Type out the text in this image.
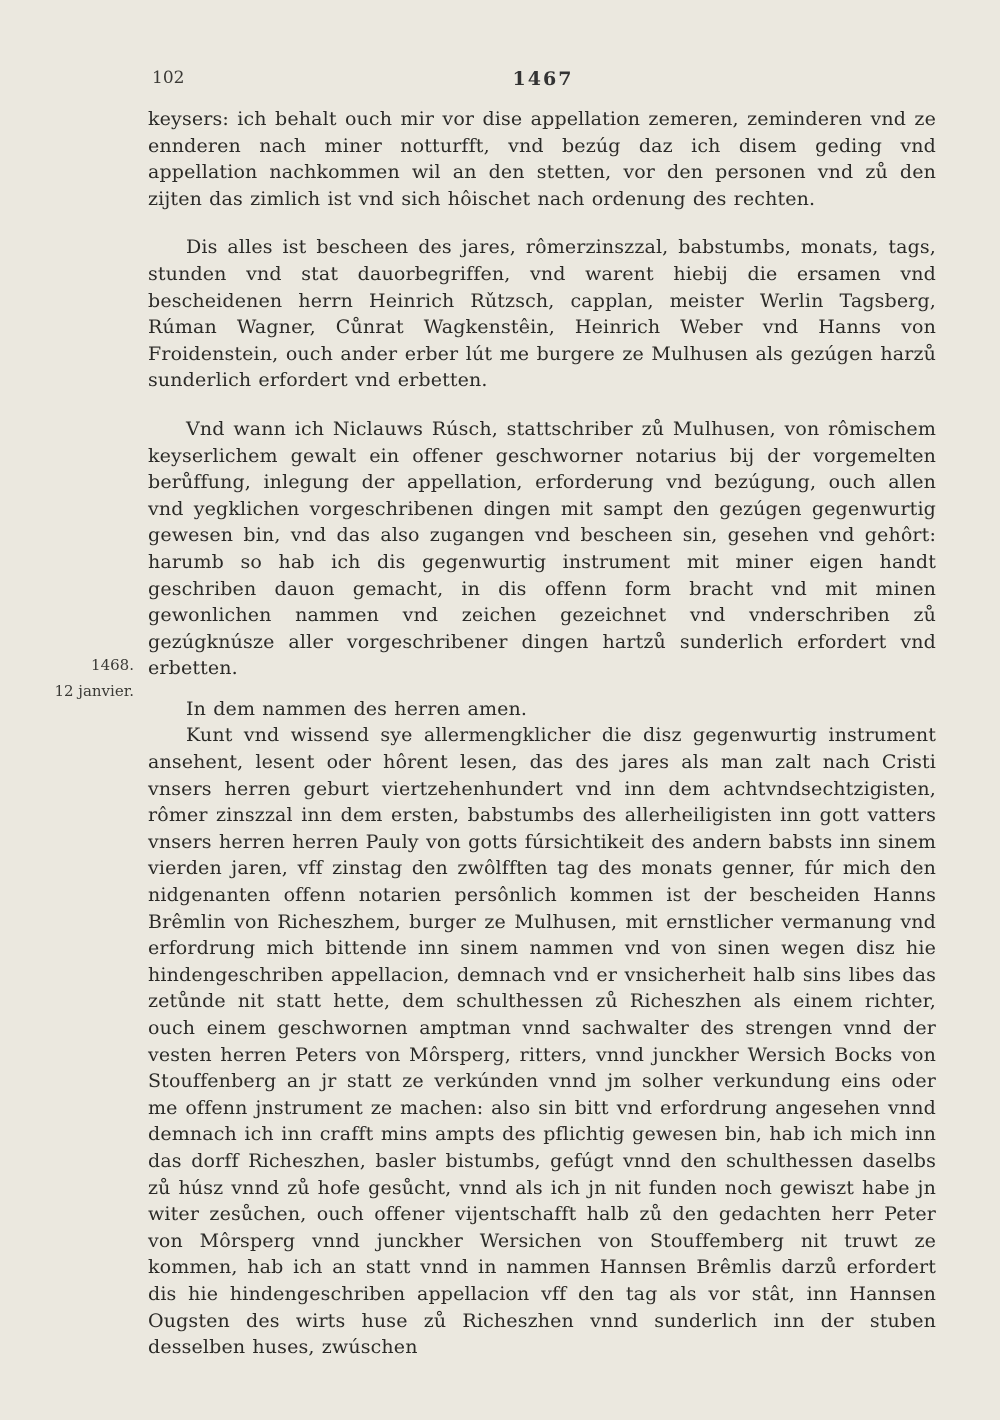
102	1467
1468.
12 janvier.

keysers: ich behalt ouch mir vor dise appellation zemeren, zeminderen vnd ze ennderen nach miner notturfft, vnd bezúg daz ich disem geding vnd appellation nachkommen wil an den stetten, vor den personen vnd zů den zijten das zimlich ist vnd sich hôischet nach ordenung des rechten.

Dis alles ist bescheen des jares, rômerzinszzal, babstumbs, monats, tags, stunden vnd stat dauorbegriffen, vnd warent hiebij die ersamen vnd bescheidenen herrn Heinrich Rǔtzsch, capplan, meister Werlin Tagsberg, Rúman Wagner, Cůnrat Wagkenstêin, Heinrich Weber vnd Hanns von Froidenstein, ouch ander erber lút me burgere ze Mulhusen als gezúgen harzů sunderlich erfordert vnd erbetten.

Vnd wann ich Niclauws Rúsch, stattschriber zů Mulhusen, von rômischem keyserlichem gewalt ein offener geschworner notarius bij der vorgemelten berůffung, inlegung der appellation, erforderung vnd bezúgung, ouch allen vnd yegklichen vorgeschribenen dingen mit sampt den gezúgen gegenwurtig gewesen bin, vnd das also zugangen vnd bescheen sin, gesehen vnd gehôrt: harumb so hab ich dis gegenwurtig instrument mit miner eigen handt geschriben dauon gemacht, in dis offenn form bracht vnd mit minen gewonlichen nammen vnd zeichen gezeichnet vnd vnderschriben zů gezúgknúsze aller vorgeschribener dingen hartzů sunderlich erfordert vnd erbetten.

In dem nammen des herren amen.

Kunt vnd wissend sye allermengklicher die disz gegenwurtig instrument ansehent, lesent oder hôrent lesen, das des jares als man zalt nach Cristi vnsers herren geburt viertzehenhundert vnd inn dem achtvndsechtzigisten, rômer zinszzal inn dem ersten, babstumbs des allerheiligisten inn gott vatters vnsers herren herren Pauly von gotts fúrsichtikeit des andern babsts inn sinem vierden jaren, vff zinstag den zwôlfften tag des monats genner, fúr mich den nidgenanten offenn notarien persônlich kommen ist der bescheiden Hanns Brêmlin von Richeszhem, burger ze Mulhusen, mit ernstlicher vermanung vnd erfordrung mich bittende inn sinem nammen vnd von sinen wegen disz hie hindengeschriben appellacion, demnach vnd er vnsicherheit halb sins libes das zetůnde nit statt hette, dem schulthessen zů Richeszhen als einem richter, ouch einem geschwornen amptman vnnd sachwalter des strengen vnnd der vesten herren Peters von Môrsperg, ritters, vnnd junckher Wersich Bocks von Stouffenberg an jr statt ze verkúnden vnnd jm solher verkundung eins oder me offenn jnstrument ze machen: also sin bitt vnd erfordrung angesehen vnnd demnach ich inn crafft mins ampts des pflichtig gewesen bin, hab ich mich inn das dorff Richeszhen, basler bistumbs, gefúgt vnnd den schulthessen daselbs zů húsz vnnd zů hofe gesůcht, vnnd als ich jn nit funden noch gewiszt habe jn witer zesůchen, ouch offener vijentschafft halb zů den gedachten herr Peter von Môrsperg vnnd junckher Wersichen von Stouffemberg nit truwt ze kommen, hab ich an statt vnnd in nammen Hannsen Brêmlis darzů erfordert dis hie hindengeschriben appellacion vff den tag als vor stât, inn Hannsen Ougsten des wirts huse zů Richeszhen vnnd sunderlich inn der stuben desselben huses, zwúschen
